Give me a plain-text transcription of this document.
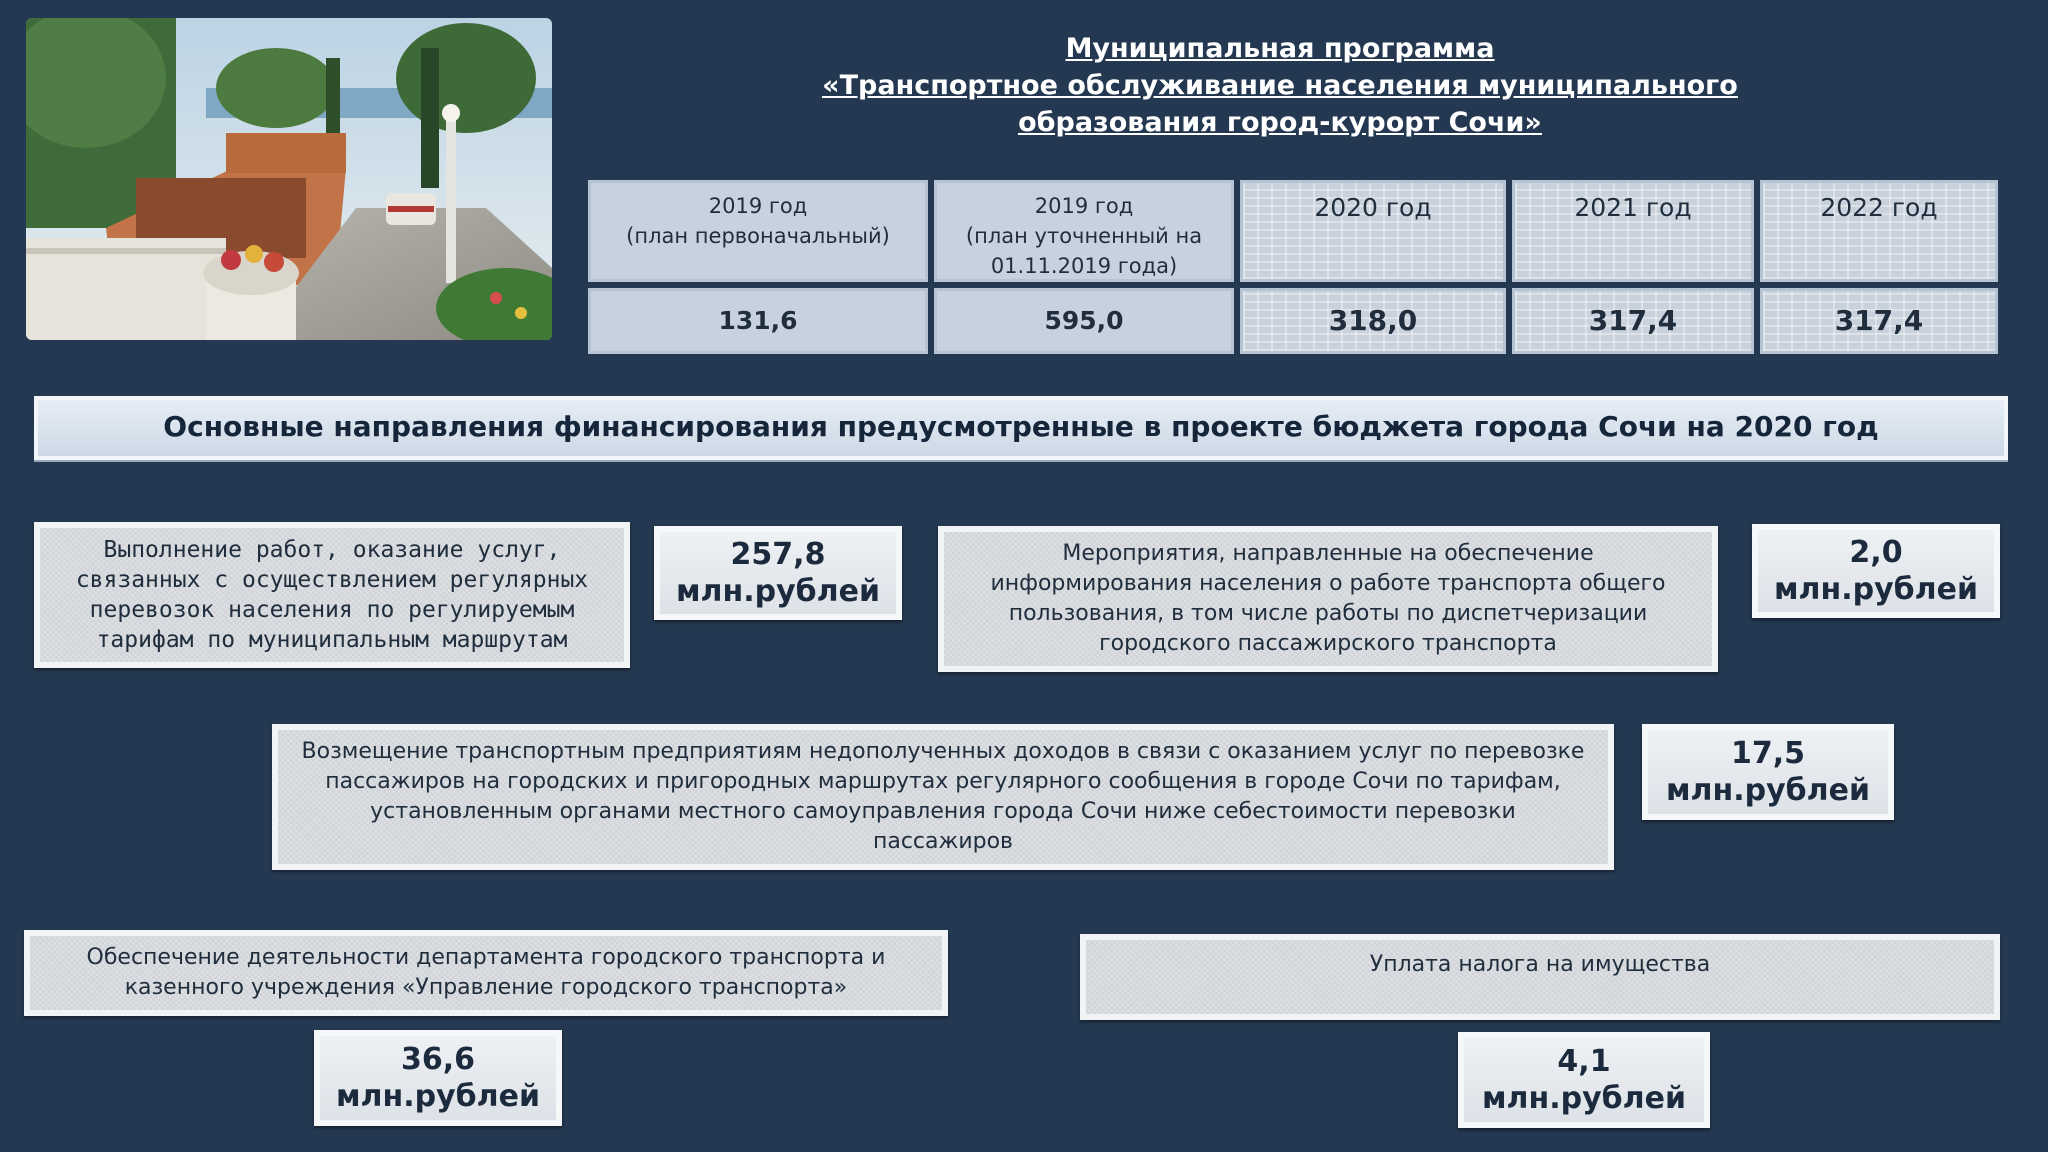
Муниципальная программа
«Транспортное обслуживание населения муниципального
образования город-курорт Сочи»
2019 год
(план первоначальный)
131,6
2019 год
(план уточненный на
01.11.2019 года)
595,0
2020 год
318,0
2021 год
317,4
2022 год
317,4
Основные направления финансирования предусмотренные в проекте бюджета города Сочи на 2020 год
Выполнение работ, оказание услуг,
связанных с осуществлением регулярных
перевозок населения по регулируемым
тарифам по муниципальным маршрутам
257,8
млн.рублей
Мероприятия, направленные на обеспечение
информирования населения о работе транспорта общего
пользования, в том числе работы по диспетчеризации
городского пассажирского транспорта
2,0
млн.рублей
Возмещение транспортным предприятиям недополученных доходов в связи с оказанием услуг по перевозке
пассажиров на городских и пригородных маршрутах регулярного сообщения в городе Сочи по тарифам,
установленным органами местного самоуправления города Сочи ниже себестоимости перевозки
пассажиров
17,5
млн.рублей
Обеспечение деятельности департамента городского транспорта и
казенного учреждения «Управление городского транспорта»
36,6
млн.рублей
Уплата налога на имущества
4,1
млн.рублей
